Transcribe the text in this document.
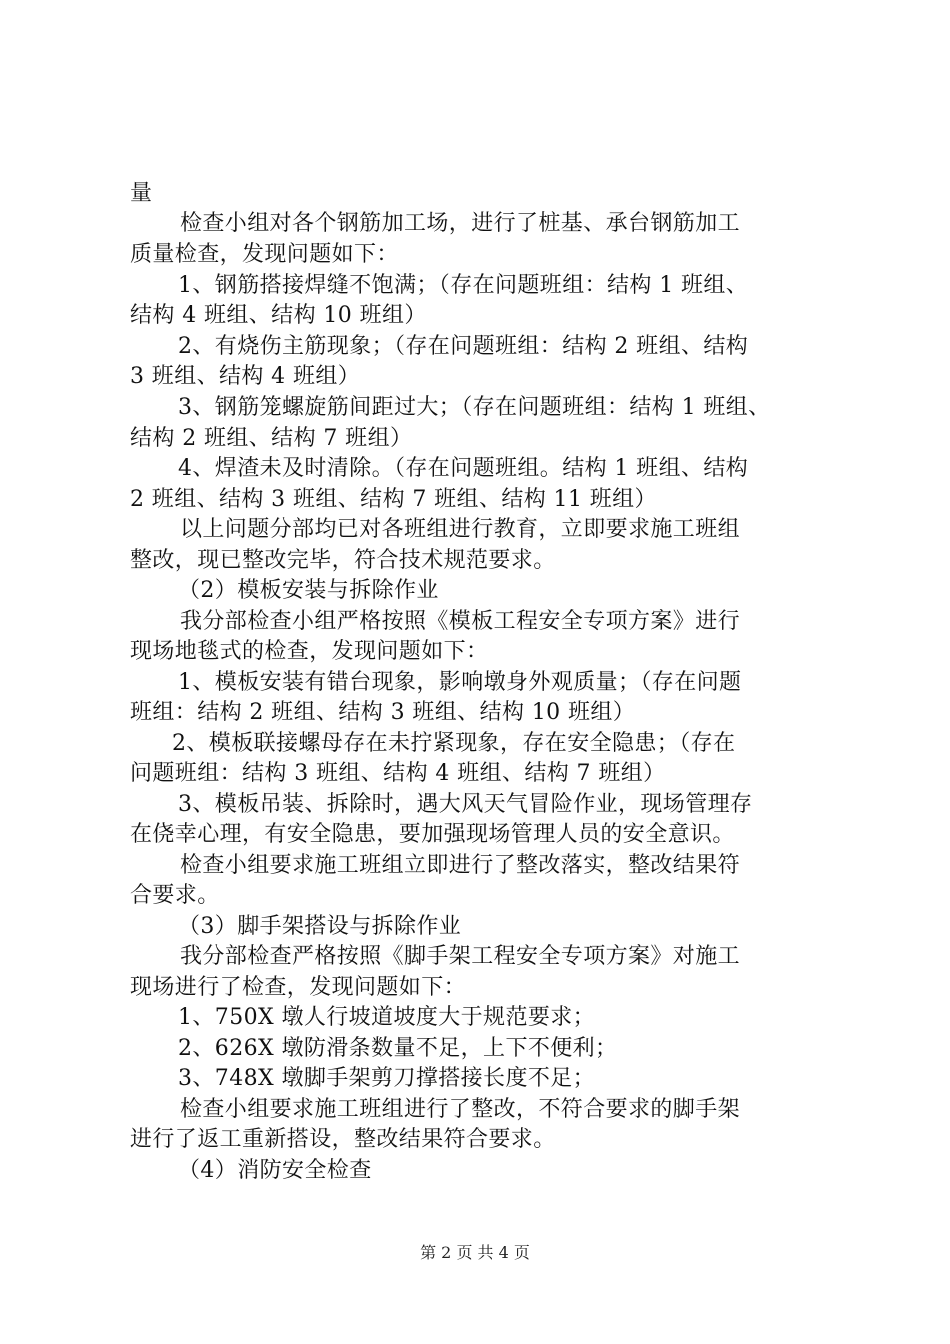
量
检查小组对各个钢筋加工场，进行了桩基、承台钢筋加工
质量检查，发现问题如下：
1、钢筋搭接焊缝不饱满；（存在问题班组：结构 1 班组、
结构 4 班组、结构 10 班组）
2、有烧伤主筋现象；（存在问题班组：结构 2 班组、结构
3 班组、结构 4 班组）
3、钢筋笼螺旋筋间距过大；（存在问题班组：结构 1 班组、
结构 2 班组、结构 7 班组）
4、焊渣未及时清除。（存在问题班组。结构 1 班组、结构
2 班组、结构 3 班组、结构 7 班组、结构 11 班组）
以上问题分部均已对各班组进行教育，立即要求施工班组
整改，现已整改完毕，符合技术规范要求。
（2）模板安装与拆除作业
我分部检查小组严格按照《模板工程安全专项方案》进行
现场地毯式的检查，发现问题如下：
1、模板安装有错台现象，影响墩身外观质量；（存在问题
班组：结构 2 班组、结构 3 班组、结构 10 班组）
2、模板联接螺母存在未拧紧现象，存在安全隐患；（存在
问题班组：结构 3 班组、结构 4 班组、结构 7 班组）
3、模板吊装、拆除时，遇大风天气冒险作业，现场管理存
在侥幸心理，有安全隐患，要加强现场管理人员的安全意识。
检查小组要求施工班组立即进行了整改落实，整改结果符
合要求。
（3）脚手架搭设与拆除作业
我分部检查严格按照《脚手架工程安全专项方案》对施工
现场进行了检查，发现问题如下：
1、750X 墩人行坡道坡度大于规范要求；
2、626X 墩防滑条数量不足，上下不便利；
3、748X 墩脚手架剪刀撑搭接长度不足；
检查小组要求施工班组进行了整改，不符合要求的脚手架
进行了返工重新搭设，整改结果符合要求。
（4）消防安全检查
第 2 页 共 4 页
